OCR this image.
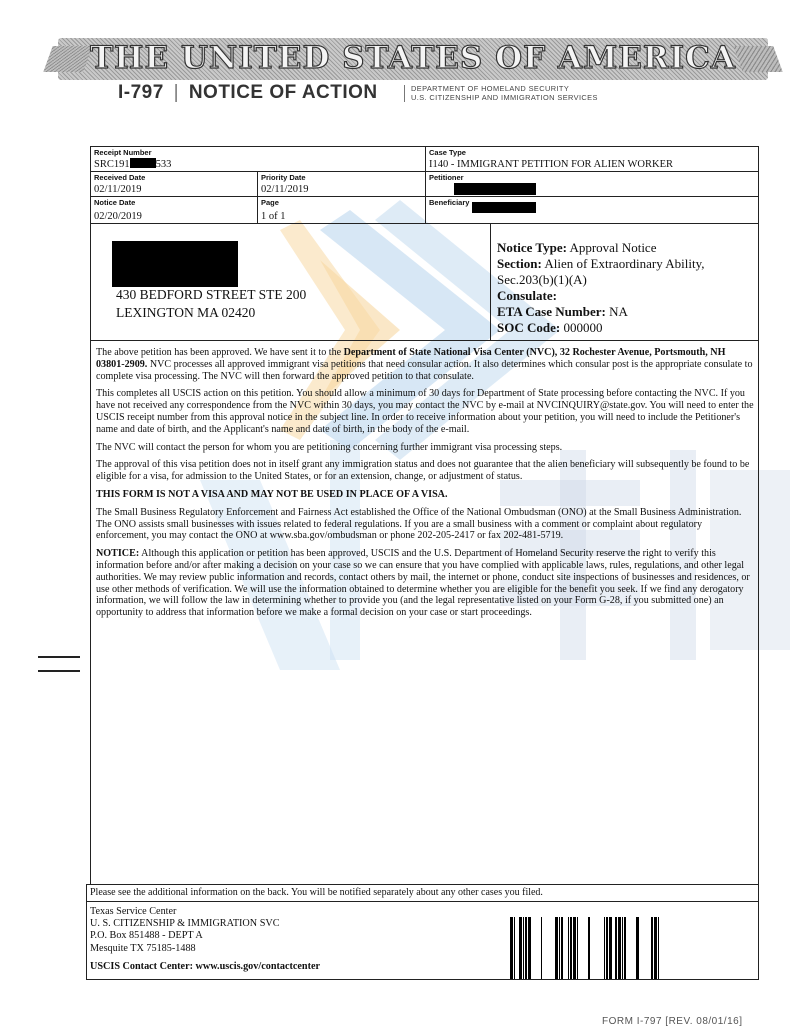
THE UNITED STATES OF AMERICA
I-797 | NOTICE OF ACTION	DEPARTMENT OF HOMELAND SECURITY
U.S. CITIZENSHIP AND IMMIGRATION SERVICES
Receipt Number
SRC191 533
Case Type
I140 - IMMIGRANT PETITION FOR ALIEN WORKER
Received Date
02/11/2019
Priority Date
02/11/2019
Petitioner
Notice Date
02/20/2019
Page
1 of 1
Beneficiary
430 BEDFORD STREET STE 200
LEXINGTON MA 02420
Notice Type: Approval Notice
Section: Alien of Extraordinary Ability,
Sec.203(b)(1)(A)
Consulate:
ETA Case Number: NA
SOC Code: 000000

The above petition has been approved. We have sent it to the Department of State National Visa Center (NVC), 32 Rochester Avenue, Portsmouth, NH 03801-2909. NVC processes all approved immigrant visa petitions that need consular action. It also determines which consular post is the appropriate consulate to complete visa processing. The NVC will then forward the approved petition to that consulate.

This completes all USCIS action on this petition. You should allow a minimum of 30 days for Department of State processing before contacting the NVC. If you have not received any correspondence from the NVC within 30 days, you may contact the NVC by e-mail at NVCINQUIRY@state.gov. You will need to enter the USCIS receipt number from this approval notice in the subject line. In order to receive information about your petition, you will need to include the Petitioner's name and date of birth, and the Applicant's name and date of birth, in the body of the e-mail.

The NVC will contact the person for whom you are petitioning concerning further immigrant visa processing steps.

The approval of this visa petition does not in itself grant any immigration status and does not guarantee that the alien beneficiary will subsequently be found to be eligible for a visa, for admission to the United States, or for an extension, change, or adjustment of status.

THIS FORM IS NOT A VISA AND MAY NOT BE USED IN PLACE OF A VISA.

The Small Business Regulatory Enforcement and Fairness Act established the Office of the National Ombudsman (ONO) at the Small Business Administration. The ONO assists small businesses with issues related to federal regulations. If you are a small business with a comment or complaint about regulatory enforcement, you may contact the ONO at www.sba.gov/ombudsman or phone 202-205-2417 or fax 202-481-5719.

NOTICE: Although this application or petition has been approved, USCIS and the U.S. Department of Homeland Security reserve the right to verify this information before and/or after making a decision on your case so we can ensure that you have complied with applicable laws, rules, regulations, and other legal authorities. We may review public information and records, contact others by mail, the internet or phone, conduct site inspections of businesses and residences, or use other methods of verification. We will use the information obtained to determine whether you are eligible for the benefit you seek. If we find any derogatory information, we will follow the law in determining whether to provide you (and the legal representative listed on your Form G-28, if you submitted one) an opportunity to address that information before we make a formal decision on your case or start proceedings.

Please see the additional information on the back. You will be notified separately about any other cases you filed.
Texas Service Center
U. S. CITIZENSHIP & IMMIGRATION SVC
P.O. Box 851488 - DEPT A
Mesquite TX 75185-1488
USCIS Contact Center: www.uscis.gov/contactcenter
FORM I-797 [REV. 08/01/16]
